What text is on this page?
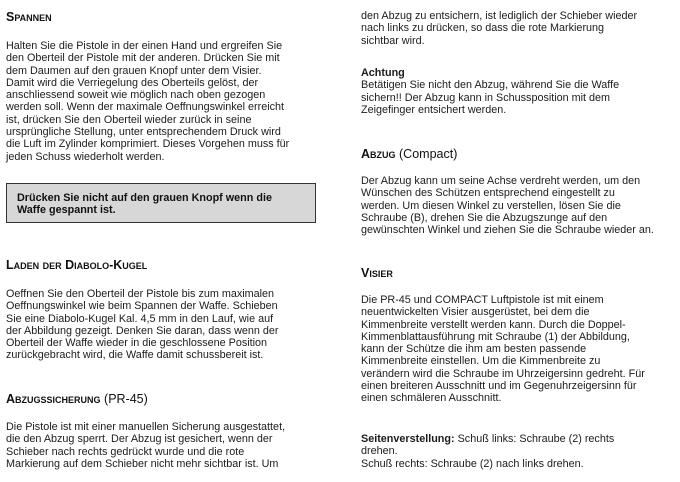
Spannen

Halten Sie die Pistole in der einen Hand und ergreifen Sie

den Oberteil der Pistole mit der anderen. Drücken Sie mit

dem Daumen auf den grauen Knopf unter dem Visier.

Damit wird die Verriegelung des Oberteils gelöst, der

anschliessend soweit wie möglich nach oben gezogen

werden soll. Wenn der maximale Oeffnungswinkel erreicht

ist, drücken Sie den Oberteil wieder zurück in seine

ursprüngliche Stellung, unter entsprechendem Druck wird

die Luft im Zylinder komprimiert. Dieses Vorgehen muss für

jeden Schuss wiederholt werden.

Drücken Sie nicht auf den grauen Knopf wenn die

Waffe gespannt ist.

Laden der Diabolo-Kugel

Oeffnen Sie den Oberteil der Pistole bis zum maximalen

Oeffnungswinkel wie beim Spannen der Waffe. Schieben

Sie eine Diabolo-Kugel Kal. 4,5 mm in den Lauf, wie auf

der Abbildung gezeigt. Denken Sie daran, dass wenn der

Oberteil der Waffe wieder in die geschlossene Position

zurückgebracht wird, die Waffe damit schussbereit ist.

Abzugssicherung (PR-45)

Die Pistole ist mit einer manuellen Sicherung ausgestattet,

die den Abzug sperrt. Der Abzug ist gesichert, wenn der

Schieber nach rechts gedrückt wurde und die rote

Markierung auf dem Schieber nicht mehr sichtbar ist. Um

den Abzug zu entsichern, ist lediglich der Schieber wieder

nach links zu drücken, so dass die rote Markierung

sichtbar wird.

Achtung

Betätigen Sie nicht den Abzug, während Sie die Waffe

sichern!! Der Abzug kann in Schussposition mit dem

Zeigefinger entsichert werden.

Abzug (Compact)

Der Abzug kann um seine Achse verdreht werden, um den

Wünschen des Schützen entsprechend eingestellt zu

werden. Um diesen Winkel zu verstellen, lösen Sie die

Schraube (B), drehen Sie die Abzugszunge auf den

gewünschten Winkel und ziehen Sie die Schraube wieder an.

Visier

Die PR-45 und COMPACT Luftpistole ist mit einem

neuentwickelten Visier ausgerüstet, bei dem die

Kimmenbreite verstellt werden kann. Durch die Doppel-

Kimmenblattausführung mit Schraube (1) der Abbildung,

kann der Schütze die ihm am besten passende

Kimmenbreite einstellen. Um die Kimmenbreite zu

verändern wird die Schraube im Uhrzeigersinn gedreht. Für

einen breiteren Ausschnitt und im Gegenuhrzeigersinn für

einen schmäleren Ausschnitt.

Seitenverstellung: Schuß links: Schraube (2) rechts

drehen.

Schuß rechts: Schraube (2) nach links drehen.
